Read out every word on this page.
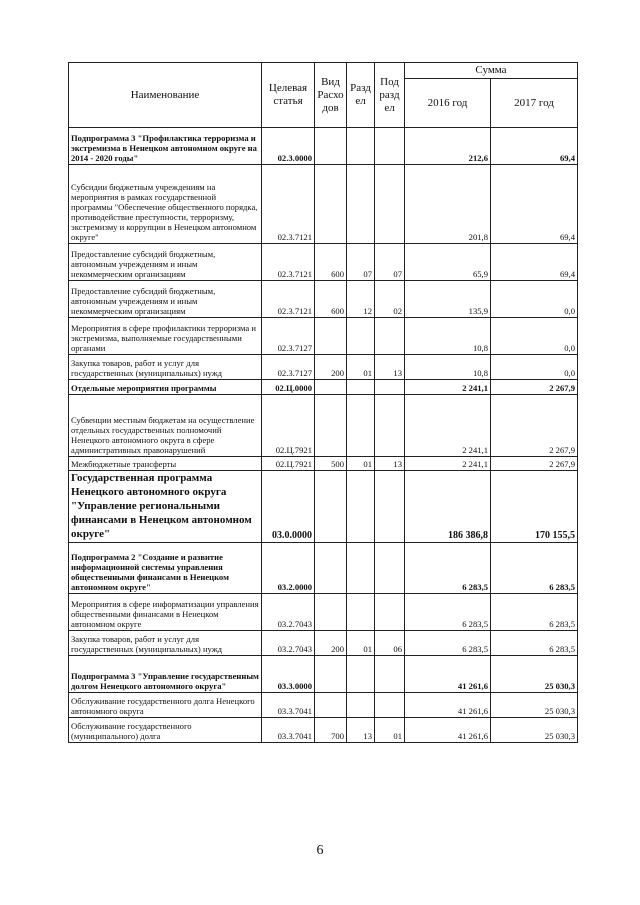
Наименование	Целевая статья	Вид Расхо дов	Разд ел	Под разд ел	Сумма	
					2016 год	2017 год
Подпрограмма 3 "Профилактика терроризма и экстремизма в Ненецком автономном округе на 2014 - 2020 годы"	02.3.0000				212,6	69,4
Субсидии бюджетным учреждениям на мероприятия в рамках государственной программы "Обеспечение общественного порядка, противодействие преступности, терроризму, экстремизму и коррупции в Ненецком автономном округе"	02.3.7121				201,8	69,4
Предоставление субсидий бюджетным, автономным учреждениям и иным некоммерческим организациям	02.3.7121	600	07	07	65,9	69,4
Предоставление субсидий бюджетным, автономным учреждениям и иным некоммерческим организациям	02.3.7121	600	12	02	135,9	0,0
Мероприятия в сфере профилактики терроризма и экстремизма, выполняемые государственными органами	02.3.7127				10,8	0,0
Закупка товаров, работ и услуг для государственных (муниципальных) нужд	02.3.7127	200	01	13	10,8	0,0
Отдельные мероприятия программы	02.Ц.0000				2 241,1	2 267,9
Субвенции местным бюджетам на осуществление отдельных государственных полномочий Ненецкого автономного округа в сфере административных правонарушений	02.Ц.7921				2 241,1	2 267,9
Межбюджетные трансферты	02.Ц.7921	500	01	13	2 241,1	2 267,9
Государственная программа Ненецкого автономного округа "Управление региональными финансами в Ненецком автономном округе"	03.0.0000				186 386,8	170 155,5
Подпрограмма 2 "Создание и развитие информационной системы управления общественными финансами в Ненецком автономном округе"	03.2.0000				6 283,5	6 283,5
Мероприятия в сфере информатизации управления общественными финансами в Ненецком автономном округе	03.2.7043				6 283,5	6 283,5
Закупка товаров, работ и услуг для государственных (муниципальных) нужд	03.2.7043	200	01	06	6 283,5	6 283,5
Подпрограмма 3 "Управление государственным долгом Ненецкого автономного округа"	03.3.0000				41 261,6	25 030,3
Обслуживание государственного долга Ненецкого автономного округа	03.3.7041				41 261,6	25 030,3
Обслуживание государственного (муниципального) долга	03.3.7041	700	13	01	41 261,6	25 030,3
6
